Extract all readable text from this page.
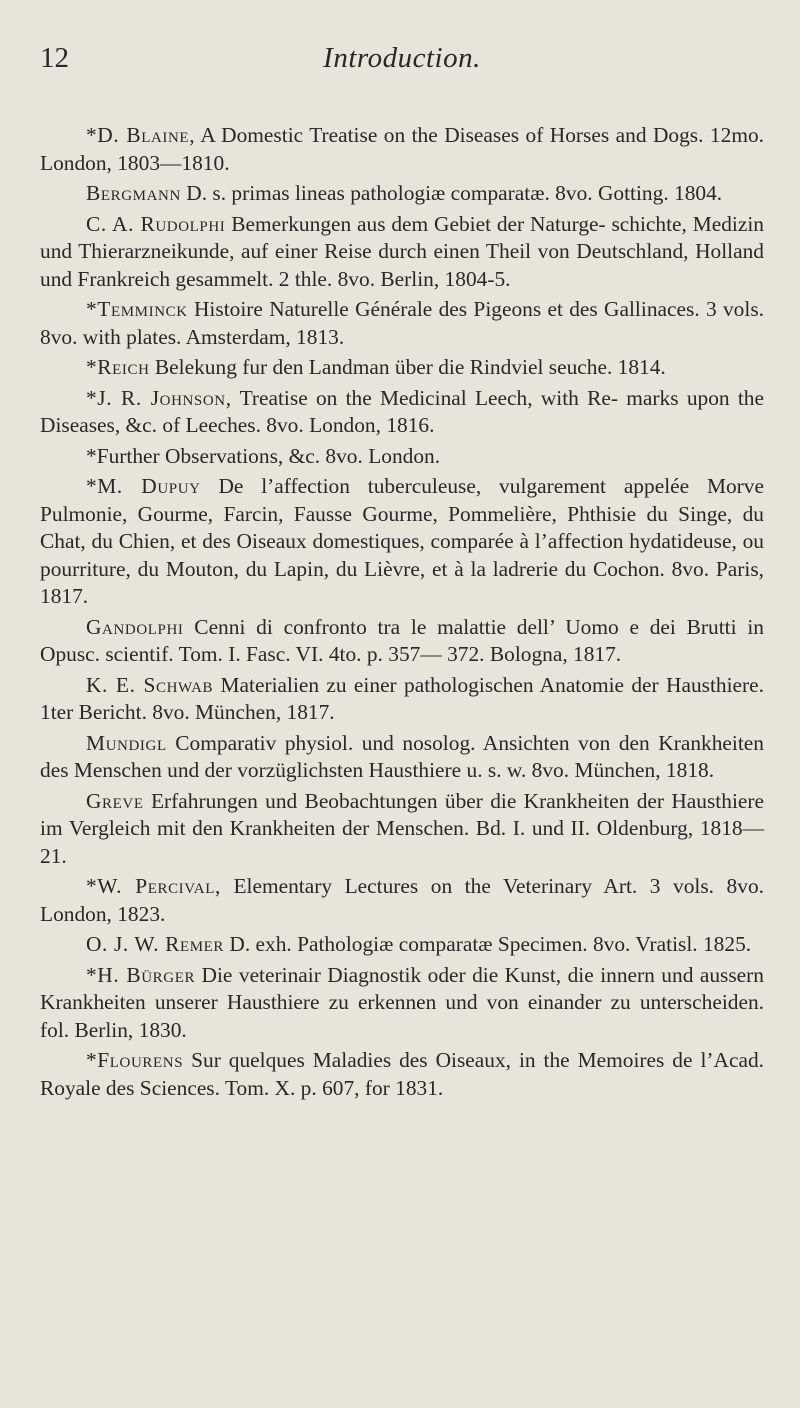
12	Introduction.

*D. Blaine, A Domestic Treatise on the Diseases of Horses and Dogs. 12mo. London, 1803—1810.

Bergmann D. s. primas lineas pathologiæ comparatæ. 8vo. Gotting. 1804.

C. A. Rudolphi Bemerkungen aus dem Gebiet der Naturge- schichte, Medizin und Thierarzneikunde, auf einer Reise durch einen Theil von Deutschland, Holland und Frankreich gesammelt. 2 thle. 8vo. Berlin, 1804-5.

*Temminck Histoire Naturelle Générale des Pigeons et des Gallinaces. 3 vols. 8vo. with plates. Amsterdam, 1813.

*Reich Belekung fur den Landman über die Rindviel seuche. 1814.

*J. R. Johnson, Treatise on the Medicinal Leech, with Re- marks upon the Diseases, &c. of Leeches. 8vo. London, 1816.

*Further Observations, &c. 8vo. London.

*M. Dupuy De l’affection tuberculeuse, vulgarement appelée Morve Pulmonie, Gourme, Farcin, Fausse Gourme, Pommelière, Phthisie du Singe, du Chat, du Chien, et des Oiseaux domestiques, comparée à l’affection hydatideuse, ou pourriture, du Mouton, du Lapin, du Lièvre, et à la ladrerie du Cochon. 8vo. Paris, 1817.

Gandolphi Cenni di confronto tra le malattie dell’ Uomo e dei Brutti in Opusc. scientif. Tom. I. Fasc. VI. 4to. p. 357— 372. Bologna, 1817.

K. E. Schwab Materialien zu einer pathologischen Anatomie der Hausthiere. 1ter Bericht. 8vo. München, 1817.

Mundigl Comparativ physiol. und nosolog. Ansichten von den Krankheiten des Menschen und der vorzüglichsten Hausthiere u. s. w. 8vo. München, 1818.

Greve Erfahrungen und Beobachtungen über die Krankheiten der Hausthiere im Vergleich mit den Krankheiten der Menschen. Bd. I. und II. Oldenburg, 1818—21.

*W. Percival, Elementary Lectures on the Veterinary Art. 3 vols. 8vo. London, 1823.

O. J. W. Remer D. exh. Pathologiæ comparatæ Specimen. 8vo. Vratisl. 1825.

*H. Bürger Die veterinair Diagnostik oder die Kunst, die innern und aussern Krankheiten unserer Hausthiere zu erkennen und von einander zu unterscheiden. fol. Berlin, 1830.

*Flourens Sur quelques Maladies des Oiseaux, in the Memoires de l’Acad. Royale des Sciences. Tom. X. p. 607, for 1831.
